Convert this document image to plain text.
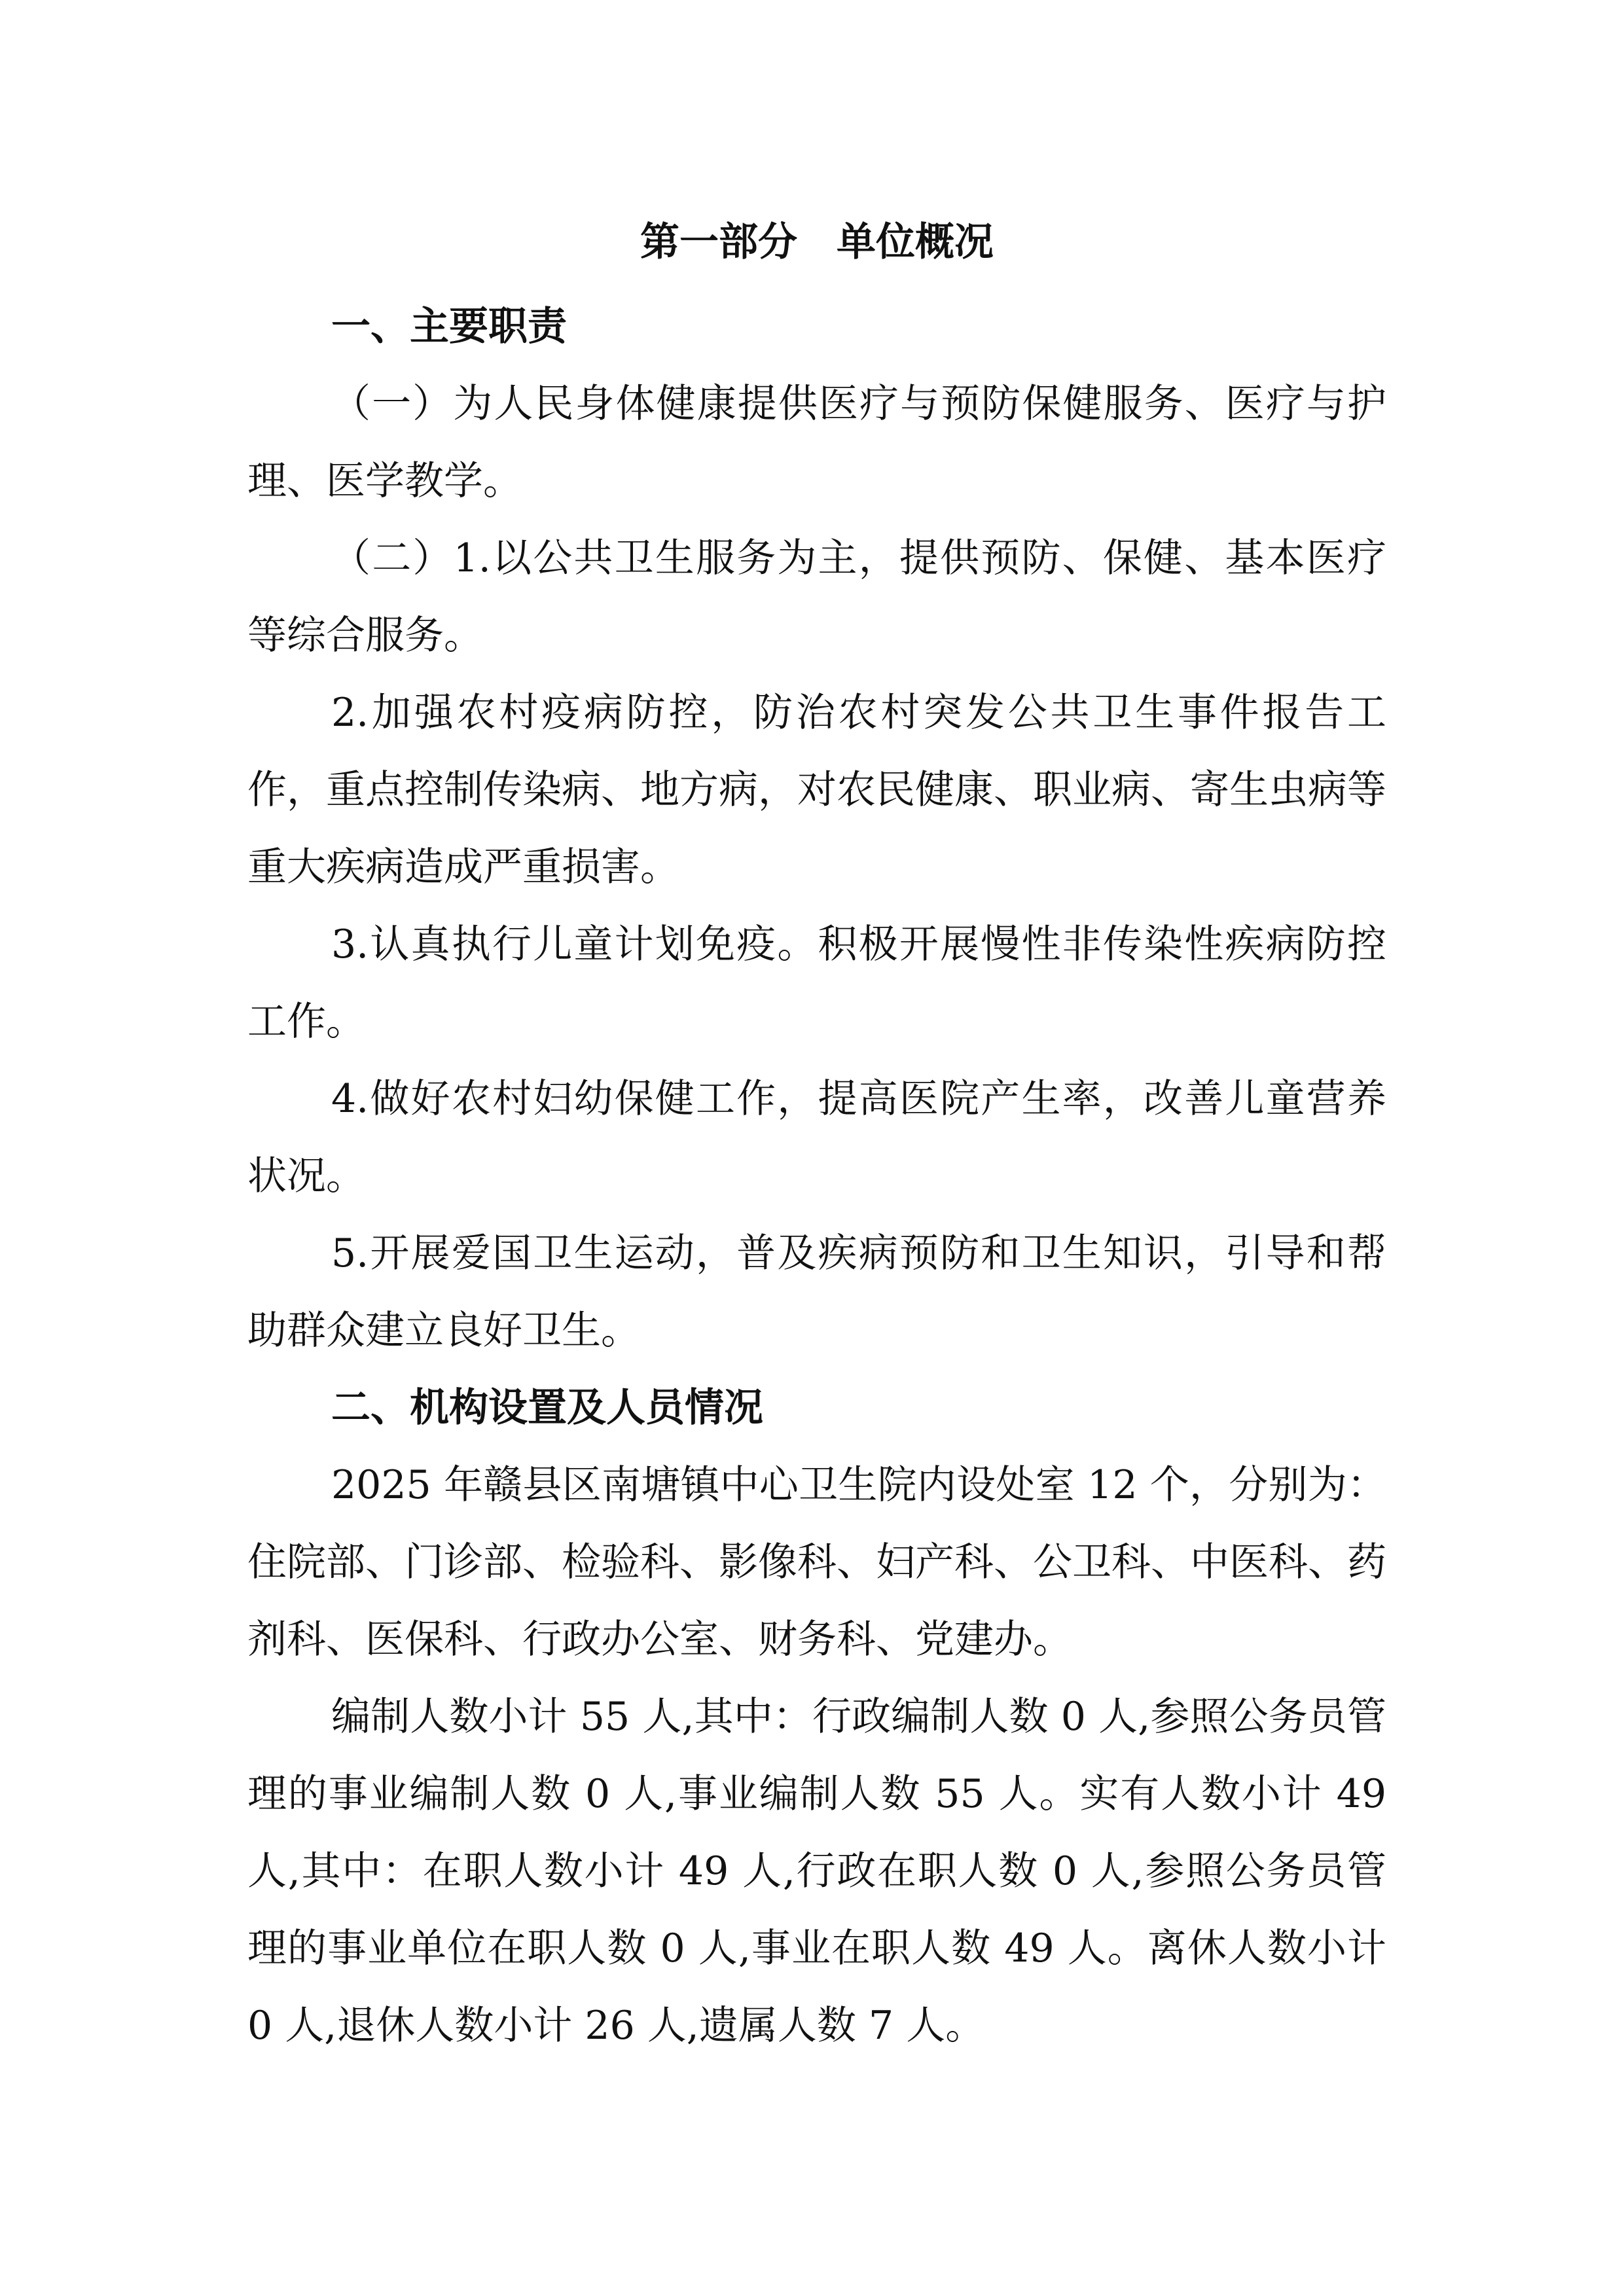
第一部分　单位概况
一、主要职责

（一）为人民身体健康提供医疗与预防保健服务、医疗与护理、医学教学。

（二）1.以公共卫生服务为主，提供预防、保健、基本医疗等综合服务。

2.加强农村疫病防控，防治农村突发公共卫生事件报告工作，重点控制传染病、地方病，对农民健康、职业病、寄生虫病等重大疾病造成严重损害。

3.认真执行儿童计划免疫。积极开展慢性非传染性疾病防控工作。

4.做好农村妇幼保健工作，提高医院产生率，改善儿童营养状况。

5.开展爱国卫生运动，普及疾病预防和卫生知识，引导和帮助群众建立良好卫生。

二、机构设置及人员情况

2025 年赣县区南塘镇中心卫生院内设处室 12 个，分别为：住院部、门诊部、检验科、影像科、妇产科、公卫科、中医科、药剂科、医保科、行政办公室、财务科、党建办。

编制人数小计 55 人,其中：行政编制人数 0 人,参照公务员管理的事业编制人数 0 人,事业编制人数 55 人。实有人数小计 49 人,其中：在职人数小计 49 人,行政在职人数 0 人,参照公务员管理的事业单位在职人数 0 人,事业在职人数 49 人。离休人数小计 0 人,退休人数小计 26 人,遗属人数 7 人。
